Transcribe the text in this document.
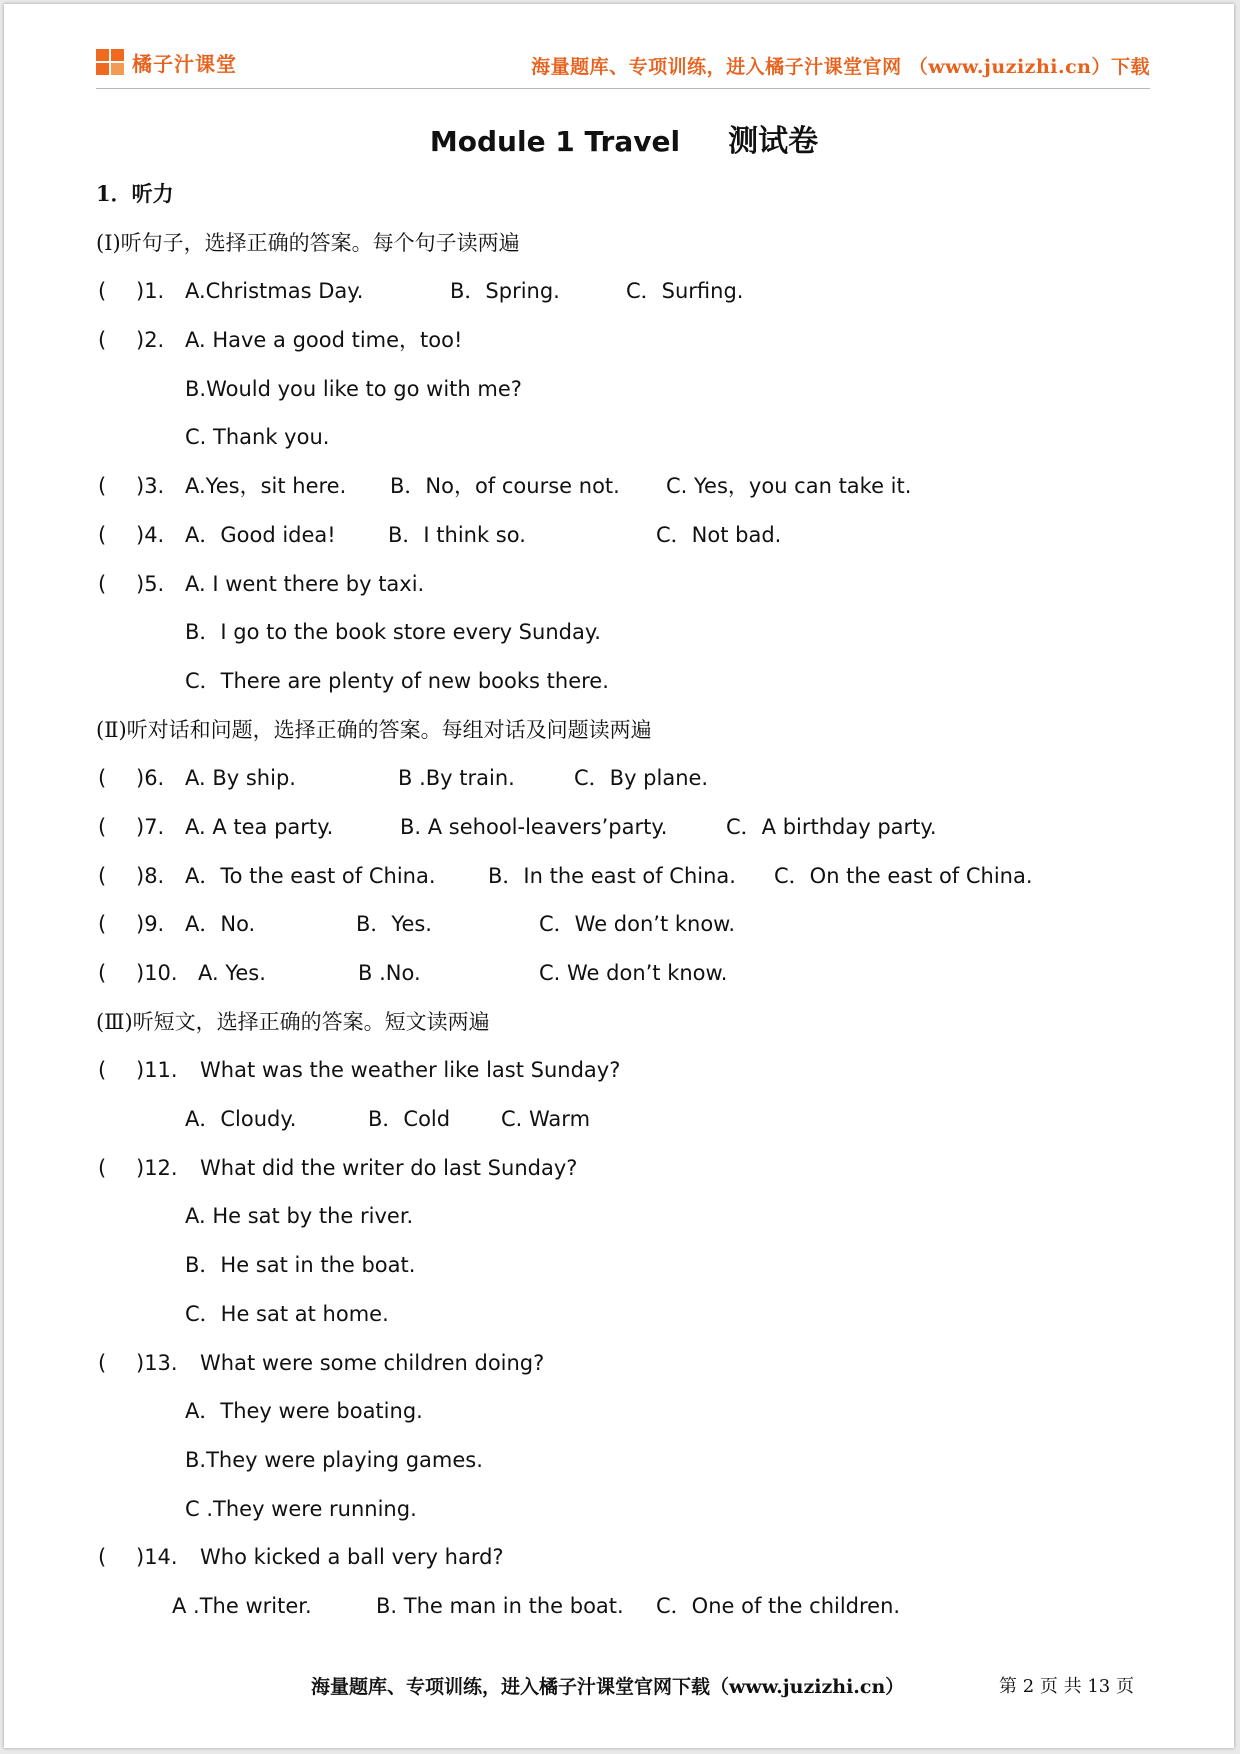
橘子汁课堂	海量题库、专项训练，进入橘子汁课堂官网 （www.juzizhi.cn）下载
Module 1 Travel 测试卷
1．听力
(Ⅰ)听句子，选择正确的答案。每个句子读两遍
( )1. A.Christmas Day.	B．Spring.	C．Surfing.
( )2. A. Have a good time，too!
B.Would you like to go with me?
C. Thank you.
( )3. A.Yes，sit here. B．No，of course not. C. Yes，you can take it.
( )4. A．Good idea! B．I think so.	C．Not bad.
( )5. A. I went there by taxi.
B．I go to the book store every Sunday.
C．There are plenty of new books there.
(Ⅱ)听对话和问题，选择正确的答案。每组对话及问题读两遍
( )6. A. By ship.	B .By train.	C．By plane.
( )7. A. A tea party.	B. A sehool-leavers’party.	C．A birthday party.
( )8. A．To the east of China. B．In the east of China. C．On the east of China.
( )9. A．No.	B．Yes.	C．We don’t know.
( )10. A. Yes.	B .No.	C. We don’t know.
(Ⅲ)听短文，选择正确的答案。短文读两遍
( )11. What was the weather like last Sunday?
A．Cloudy.	B．Cold C. Warm
( )12. What did the writer do last Sunday?
A. He sat by the river.
B．He sat in the boat.
C．He sat at home.
( )13. What were some children doing?
A．They were boating.
B.They were playing games.
C .They were running.
( )14. Who kicked a ball very hard?
A .The writer.	B. The man in the boat. C．One of the children.
海量题库、专项训练，进入橘子汁课堂官网下载（www.juzizhi.cn）	第 2 页 共 13 页
